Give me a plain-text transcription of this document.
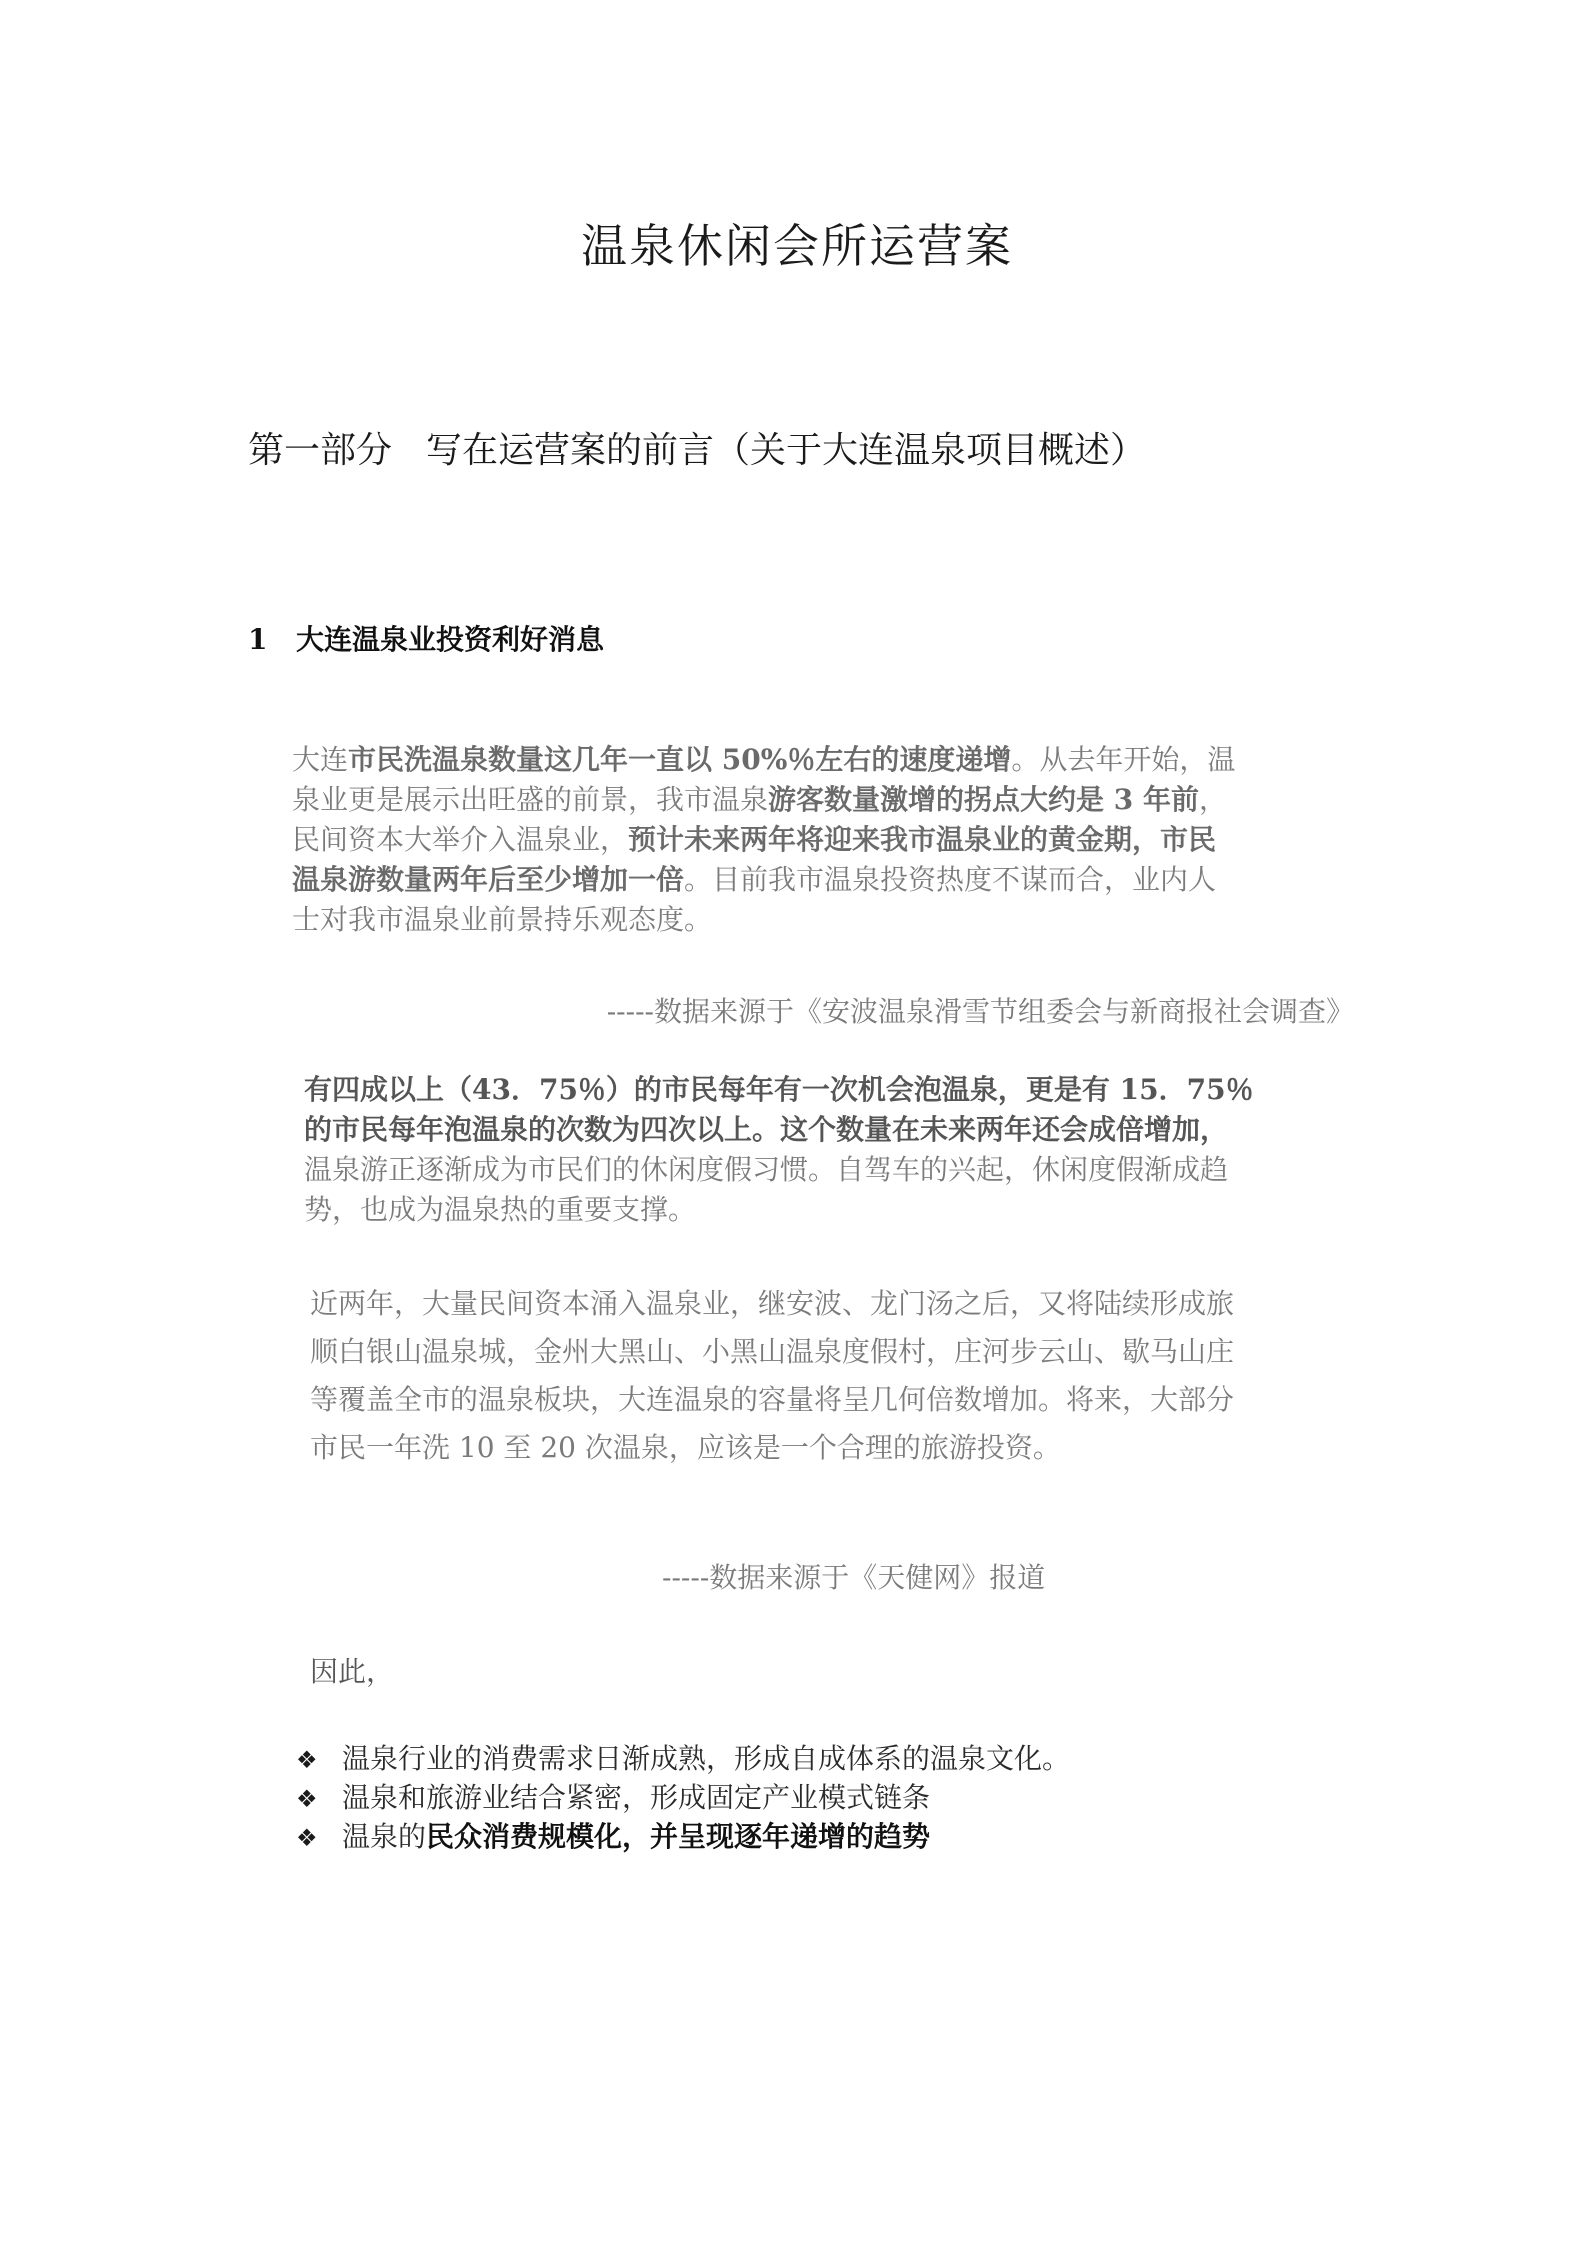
温泉休闲会所运营案
第一部分 写在运营案的前言（关于大连温泉项目概述）
1 大连温泉业投资利好消息
大连市民洗温泉数量这几年一直以 50%％左右的速度递增。从去年开始，温
泉业更是展示出旺盛的前景，我市温泉游客数量激增的拐点大约是 3 年前，
民间资本大举介入温泉业，预计未来两年将迎来我市温泉业的黄金期，市民
温泉游数量两年后至少增加一倍。目前我市温泉投资热度不谋而合，业内人
士对我市温泉业前景持乐观态度。
-----数据来源于《安波温泉滑雪节组委会与新商报社会调查》
有四成以上（43．75％）的市民每年有一次机会泡温泉，更是有 15．75％
的市民每年泡温泉的次数为四次以上。这个数量在未来两年还会成倍增加，
温泉游正逐渐成为市民们的休闲度假习惯。自驾车的兴起，休闲度假渐成趋
势，也成为温泉热的重要支撑。
近两年，大量民间资本涌入温泉业，继安波、龙门汤之后，又将陆续形成旅
顺白银山温泉城，金州大黑山、小黑山温泉度假村，庄河步云山、歇马山庄
等覆盖全市的温泉板块，大连温泉的容量将呈几何倍数增加。将来，大部分
市民一年洗 10 至 20 次温泉，应该是一个合理的旅游投资。
-----数据来源于《天健网》报道
因此，
❖ 温泉行业的消费需求日渐成熟，形成自成体系的温泉文化。
❖ 温泉和旅游业结合紧密，形成固定产业模式链条
❖ 温泉的民众消费规模化，并呈现逐年递增的趋势
